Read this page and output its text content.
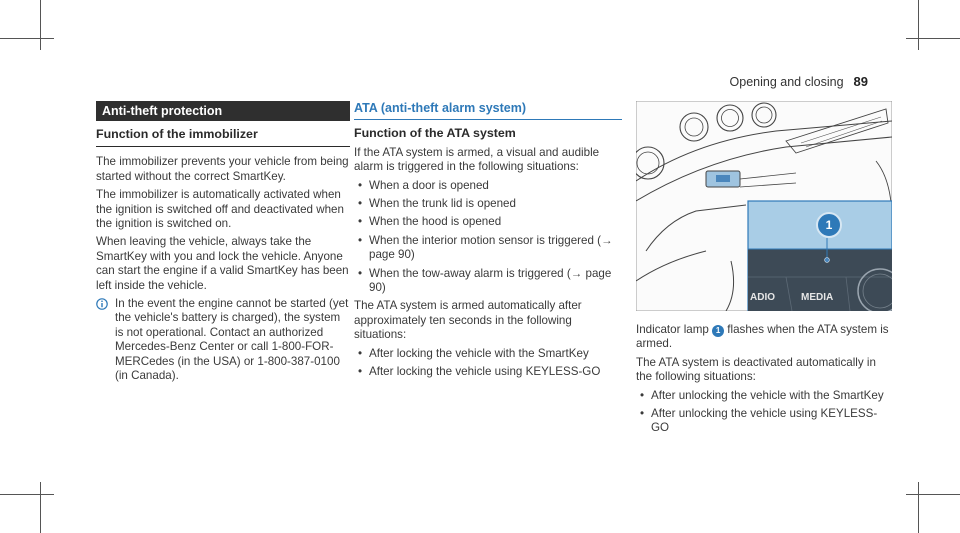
Opening and closing 89
Anti-theft protection
Function of the immobilizer

The immobilizer prevents your vehicle from being started without the correct SmartKey.

The immobilizer is automatically activated when the ignition is switched off and deactivated when the ignition is switched on.

When leaving the vehicle, always take the SmartKey with you and lock the vehicle. Anyone can start the engine if a valid SmartKey has been left inside the vehicle.

In the event the engine cannot be started (yet the vehicle's battery is charged), the system is not operational. Contact an authorized Mercedes-Benz Center or call 1-800-FOR-MERCedes (in the USA) or 1-800-387-0100 (in Canada).
ATA (anti-theft alarm system)
Function of the ATA system

If the ATA system is armed, a visual and audible alarm is triggered in the following situations:

• When a door is opened
• When the trunk lid is opened
• When the hood is opened
• When the interior motion sensor is triggered (→ page 90)
• When the tow-away alarm is triggered (→ page 90)

The ATA system is armed automatically after approximately ten seconds in the following situations:

• After locking the vehicle with the SmartKey
• After locking the vehicle using KEYLESS-GO
1
ADIO	MEDIA

Indicator lamp 1 flashes when the ATA system is armed.

The ATA system is deactivated automatically in the following situations:

• After unlocking the vehicle with the SmartKey
• After unlocking the vehicle using KEYLESS-GO
